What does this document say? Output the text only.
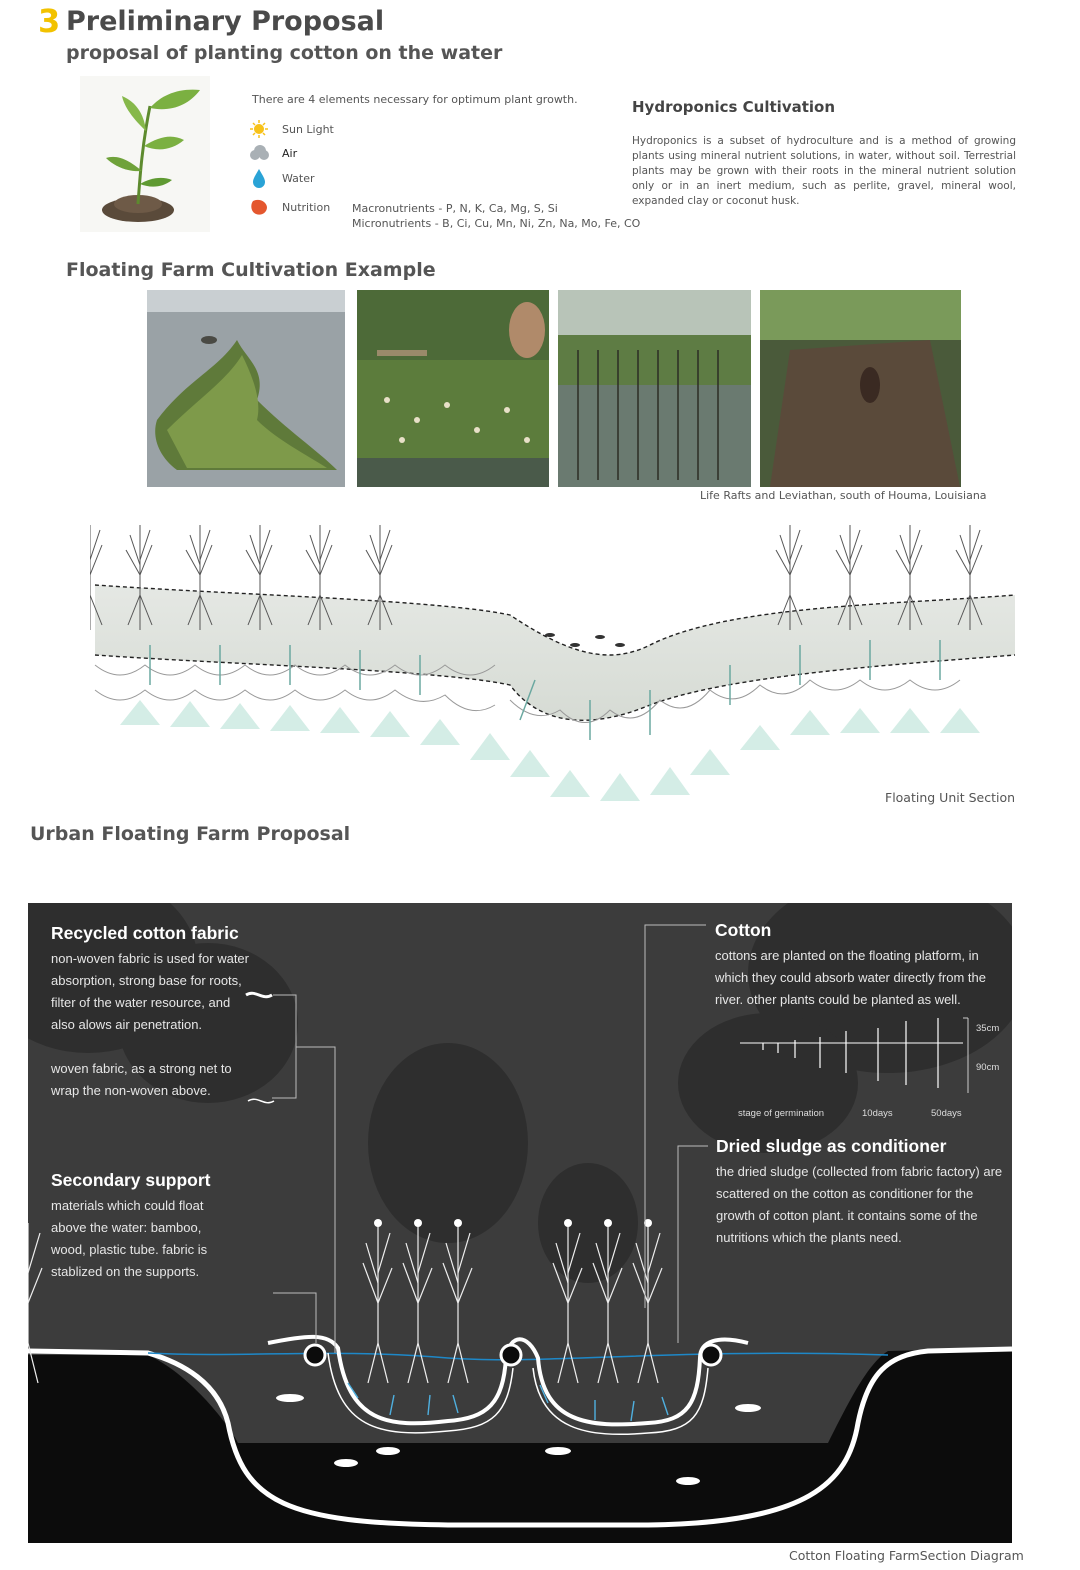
3 Preliminary Proposal
proposal of planting cotton on the water
There are 4 elements necessary for optimum plant growth.
Sun Light
Air
Water
Nutrition Macronutrients - P, N, K, Ca, Mg, S, Si
Micronutrients - B, Ci, Cu, Mn, Ni, Zn, Na, Mo, Fe, CO
Hydroponics Cultivation
Hydroponics is a subset of hydroculture and is a method of growing plants using mineral nutrient solutions, in water, without soil. Terrestrial plants may be grown with their roots in the mineral nutrient solution only or in an inert medium, such as perlite, gravel, mineral wool, expanded clay or coconut husk.
Floating Farm Cultivation Example
Life Rafts and Leviathan, south of Houma, Louisiana
Floating Unit Section
Urban Floating Farm Proposal
Recycled cotton fabric

non-woven fabric is used for water absorption, strong base for roots, filter of the water resource, and also alows air penetration.

woven fabric, as a strong net to wrap the non-woven above.

Secondary support

materials which could float above the water: bamboo, wood, plastic tube. fabric is stablized on the supports.

Cotton

cottons are planted on the floating platform, in which they could absorb water directly from the river. other plants could be planted as well.

35cm
90cm
stage of germination	10days	50days
Dried sludge as conditioner

the dried sludge (collected from fabric factory) are scattered on the cotton as conditioner for the growth of cotton plant. it contains some of the nutritions which the plants need.

Cotton Floating FarmSection Diagram
